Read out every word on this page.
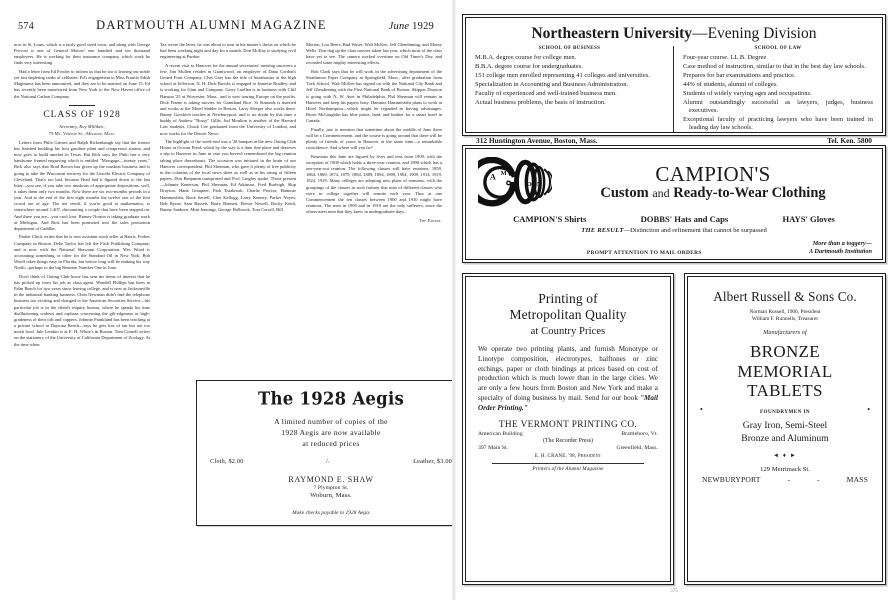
574	DARTMOUTH ALUMNI MAGAZINE	June 1929

now in St. Louis, which is a fairly good sized town, and along with George Provost is one of General Motors' one hundred and ten thousand employees. He is working for their insurance company, which work he finds very interesting.

Had a letter from Ed Fowler to inform us that he too is leaving our noble yet fast depleting ranks of celibates. Ed's engagement to Miss Francie Edith Maginness has been announced, and they are to be married on June 15. Ed has recently been transferred from New York to the New Haven office of the National Carbon Company.

CLASS OF 1928
Secretary, Roy Milliken,
79 Mt. Vernon St., Melrose, Mass.

Letters from Philo Grimes and Ralph Rickenbaugh say that the former has finished building his first gasoline plant and compressor station, and now goes to build another in Texas. But Rick says the Philo has a very handsome framed engraving which is entitled "Mortgage—twenty years." Rick also says that Brad Brown has given up the muskrat business and is going to take the Wisconsin territory for the Lincoln Electric Company of Cleveland. That's too bad, because Brad had it figured down to the last litter—you see, if you take two muskrats of appropriate dispositions, well, it takes them only two months. Now there are six two-months periods in a year. And at the end of the first eight months the twelve rats of the first crowd are of age. The net result, if you're good at mathematics, is somewhere around 1,407, discounting a couple that have been stepped on. And there you are—you can't lose. Barney Norton is taking graduate work at Michigan. And Rick has been promoted into the sales promotion department of Cadillac.

Parker Chick writes that he is now assistant stock teller at Harris, Forbes Company in Boston. Deke Taylor has left the Fitch Publishing Company, and is now with the National Shawmut Corporation. Wes Wood is accounting something or other for the Standard Oil in New York. Bob Woolf takes things easy in Florida, but before long will be making his way North—perhaps to the big Reunion Number One in June.

Don't think of Outing Club horse has sent me items of interest that he has picked up from his job as class agent. Wendell Phillips has been in Palm Beach for two years since leaving college, and is now at Jacksonville in the industrial banking business. Chris Newman didn't find the telephone business too exciting and changed to the American Securities Service—his particular job is in the client's inquiry bureau, where he spends his time disillusioning widows and orphans concerning the gilt-edgeness or high-gradeness of their oils and coppers. Johnnie Frankland has been teaching at a private school at Daytona Beach—says he gets lots of tan but not too much food. Jule Lemkin is at E. H. White's in Boston. Tom Cornell writes on the stationery of the University of California Department of Zoology. At the time when

Tax wrote the letter, he was about to turn in his master's thesis on which he had been working night and day for a month. Don McKay is studying civil engineering at Purdue.

A recent visit to Hanover for the annual secretaries' meeting uncovers a few. Jim Mullen resides in Grantwood, an employee of Dana Cordon's United Fruit Company. Chet Gray has the title of headmaster at the high school at Jefferson, N. H. Dick Brooks is engaged to Jeanette Bradley, and is working for Ginn and Company. Gerry Luellen is in business with Cliff Hanson '25 at Worcester, Mass., and is now touring Europe on the profits. Dick Frame is taking movies for Grantland Rice. Si Simonds is married and works at the Motel Stabler in Boston. Larry Sleeper also works there. Bunny Goodrich teaches at Newburyport, and is no doubt by this time a buddy of Andrew "Bossy" Gillis. Jud Moulton is another of the Harvard Law students. Chuck Coe graduated from the University of London, and now works for the Detroit News.

The highlight of the week-end was a '28 banquet at the new Outing Club House at Occom Pond, which by the way is a darn fine place and deserves a trip to Hanover in June in case you haven't remembered the big reunion taking place thereabouts. The occasion was initiated in the brain of our Hanover correspondent, Phil Sherman, who gave it plenty of free publicity in the columns of the local news sheet as well as in his airing of fifteen papers. Don Benjamin transported and Prof. Lingley spoke. Those present—Johnnie Kenerson, Phil Sherman, Ed Atkinson, Fred Burleigh, Skip Drayton, Hank Graupner, Park Estabrook, Charlie Proctor, Hammie Hammesfahr, Buck Serrell, Chet Kellogg, Larry Kenney, Parker Noyes, Bob Byrne, Sam Bassett, Harry Bennett, Howie Newell, Rocky Keith, Bunny Sanborn, Mutt Jennings, George Holbrook, Tom Carroll, Bill

Morton, Lou Beers, Bud Weser, Walt McKee, Jeff Glendinning, and Monty Wells. Don dug up the class movies taken last year, which most of the class have yet to see. The camera worked overtime on Old Timer's Day, and recorded some mighty interesting effects.

Bob Clark says that he will work in the advertising department of the Strathmore Paper Company at Springfield, Mass., after graduation from Tuck School. Walt McKee has signed on with the National City Bank and Jeff Glendinning with the First National Bank of Boston. Skipper Drayton is going with N. W. Ayer in Philadelphia. Phil Sherman will remain in Hanover and keep his papers busy. Hammie Hammesfahr plans to work at Hotel Northampton—which might be regarded as having advantages. Brose McLaughlin has blue prints, land, and lumber for a smart hotel in Canada.

Finally, just to mention that sometime about the middle of June there will be a Commencement, and the course is going around that there will be plenty of friends of yours in Hanover at the same time—a remarkable coincidence. And where will you be?

Reunions this June are figured by fives and tens from 1909, with the exception of 1908 which holds a three-year reunion, and 1898 which has a one-year-out reunion. The following classes will have reunions: 1859, 1864, 1869, 1874, 1879, 1884, 1889, 1894, 1899, 1904, 1909, 1914, 1919, 1924, 1929. Many colleges are adopting new plans of reunions, with the groupings of the classes in such fashion that men of different classes who were in college together will reunite each year. Thus at one Commencement the ten classes between 1900 and 1910 might have reunions. The men in 1900 and in 1910 are the only sufferers, since the others meet men that they knew in undergraduate days.

The Editor.
The 1928 Aegis
A limited number of copies of the
1928 Aegis are now available
at reduced prices
Cloth, $2.00	∴	Leather, $3.00
RAYMOND E. SHAW
7 Plympton St.
Woburn, Mass.
Make checks payable to 1928 Aegis
Northeastern University—Evening Division
SCHOOL OF BUSINESS
M.B.A. degree course for college men.
B.B.A. degree course for undergraduates.
151 college men enrolled representing 41 colleges and universities.
Specialization in Accounting and Business Administration.
Faculty of experienced and well-trained business men.
Actual business problems, the basis of instruction.
SCHOOL OF LAW
Four-year course. LL.B. Degree
Case method of instruction, similar to that in the best day law schools.
Prepares for bar examinations and practice.
44% of students, alumni of colleges.
Students of widely varying ages and occupations.
Alumni outstandingly successful as lawyers, judges, business executives.
Exceptional faculty of practicing lawyers who have been trained in leading day law schools.
312 Huntington Avenue, Boston, Mass.	Tel. Ken. 5800
A M
P
O N	CAMPION'S
Custom and Ready-to-Wear Clothing
CAMPION'S Shirts	DOBBS' Hats and Caps	HAYS' Gloves
THE RESULT—Distinction and refinement that cannot be surpassed
PROMPT ATTENTION TO MAIL ORDERS
More than a toggery—
A Dartmouth Institution
Printing of
Metropolitan Quality
at Country Prices

We operate two printing plants, and furnish Monotype or Linotype composition, electrotypes, halftones or zinc etchings, paper or cloth bindings at prices based on cost of production which is much lower than in the large cities. We are only a few hours from Boston and New York and make a specialty of doing business by mail. Send for our book "Mail Order Printing."

THE VERMONT PRINTING CO.
American Building	Brattleboro, Vt.
(The Recorder Press)
397 Main St.	Greenfield, Mass.
E. H. CRANE, '98, President
Printers of the Alumni Magazine
Albert Russell & Sons Co.
Norman Russell, 1906, President
William F. Runnells, Treasurer
Manufacturers of
BRONZE
MEMORIAL
TABLETS
•	•
FOUNDRYMEN IN
Gray Iron, Semi-Steel
Bronze and Aluminum
◄ ♦ ►
129 Merrimack St.
NEWBURYPORT	-	-	MASS
575
